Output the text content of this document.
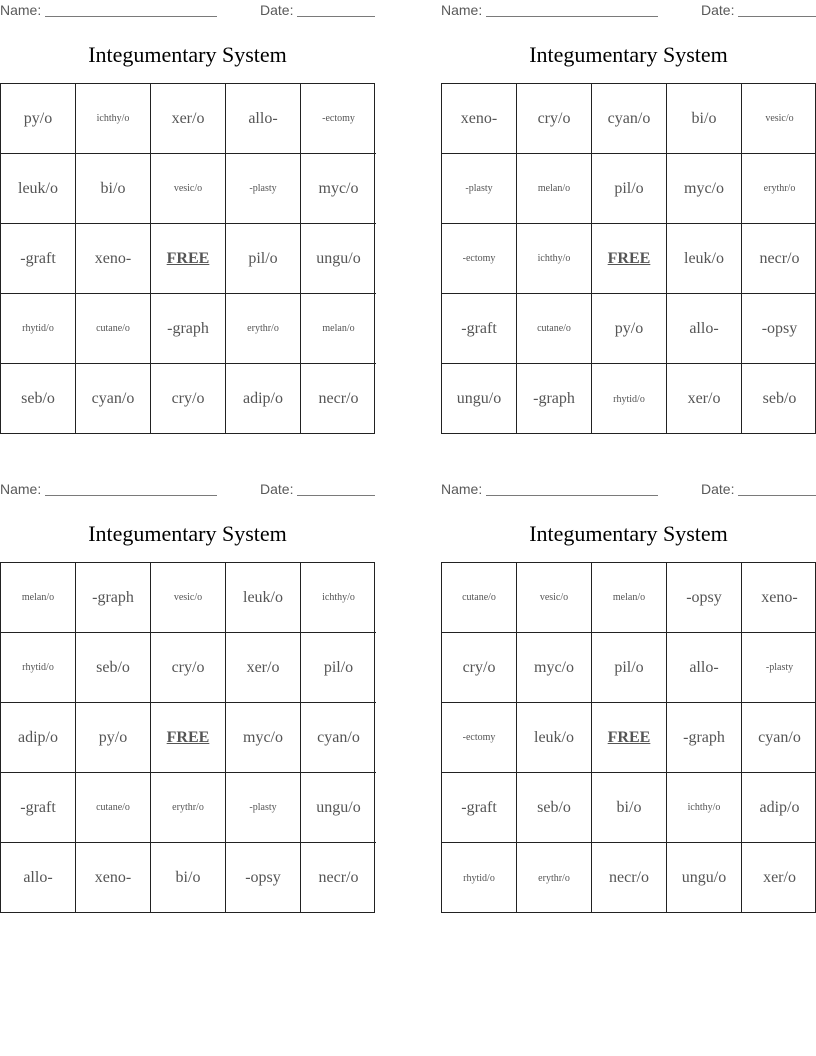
Name:	Date:
Integumentary System
py/o	ichthy/o	xer/o	allo-	-ectomy
leuk/o	bi/o	vesic/o	-plasty	myc/o
-graft	xeno-	FREE	pil/o	ungu/o
rhytid/o	cutane/o	-graph	erythr/o	melan/o
seb/o	cyan/o	cry/o	adip/o	necr/o
Name:	Date:
Integumentary System
xeno-	cry/o	cyan/o	bi/o	vesic/o
-plasty	melan/o	pil/o	myc/o	erythr/o
-ectomy	ichthy/o	FREE	leuk/o	necr/o
-graft	cutane/o	py/o	allo-	-opsy
ungu/o	-graph	rhytid/o	xer/o	seb/o
Name:	Date:
Integumentary System
melan/o	-graph	vesic/o	leuk/o	ichthy/o
rhytid/o	seb/o	cry/o	xer/o	pil/o
adip/o	py/o	FREE	myc/o	cyan/o
-graft	cutane/o	erythr/o	-plasty	ungu/o
allo-	xeno-	bi/o	-opsy	necr/o
Name:	Date:
Integumentary System
cutane/o	vesic/o	melan/o	-opsy	xeno-
cry/o	myc/o	pil/o	allo-	-plasty
-ectomy	leuk/o	FREE	-graph	cyan/o
-graft	seb/o	bi/o	ichthy/o	adip/o
rhytid/o	erythr/o	necr/o	ungu/o	xer/o
